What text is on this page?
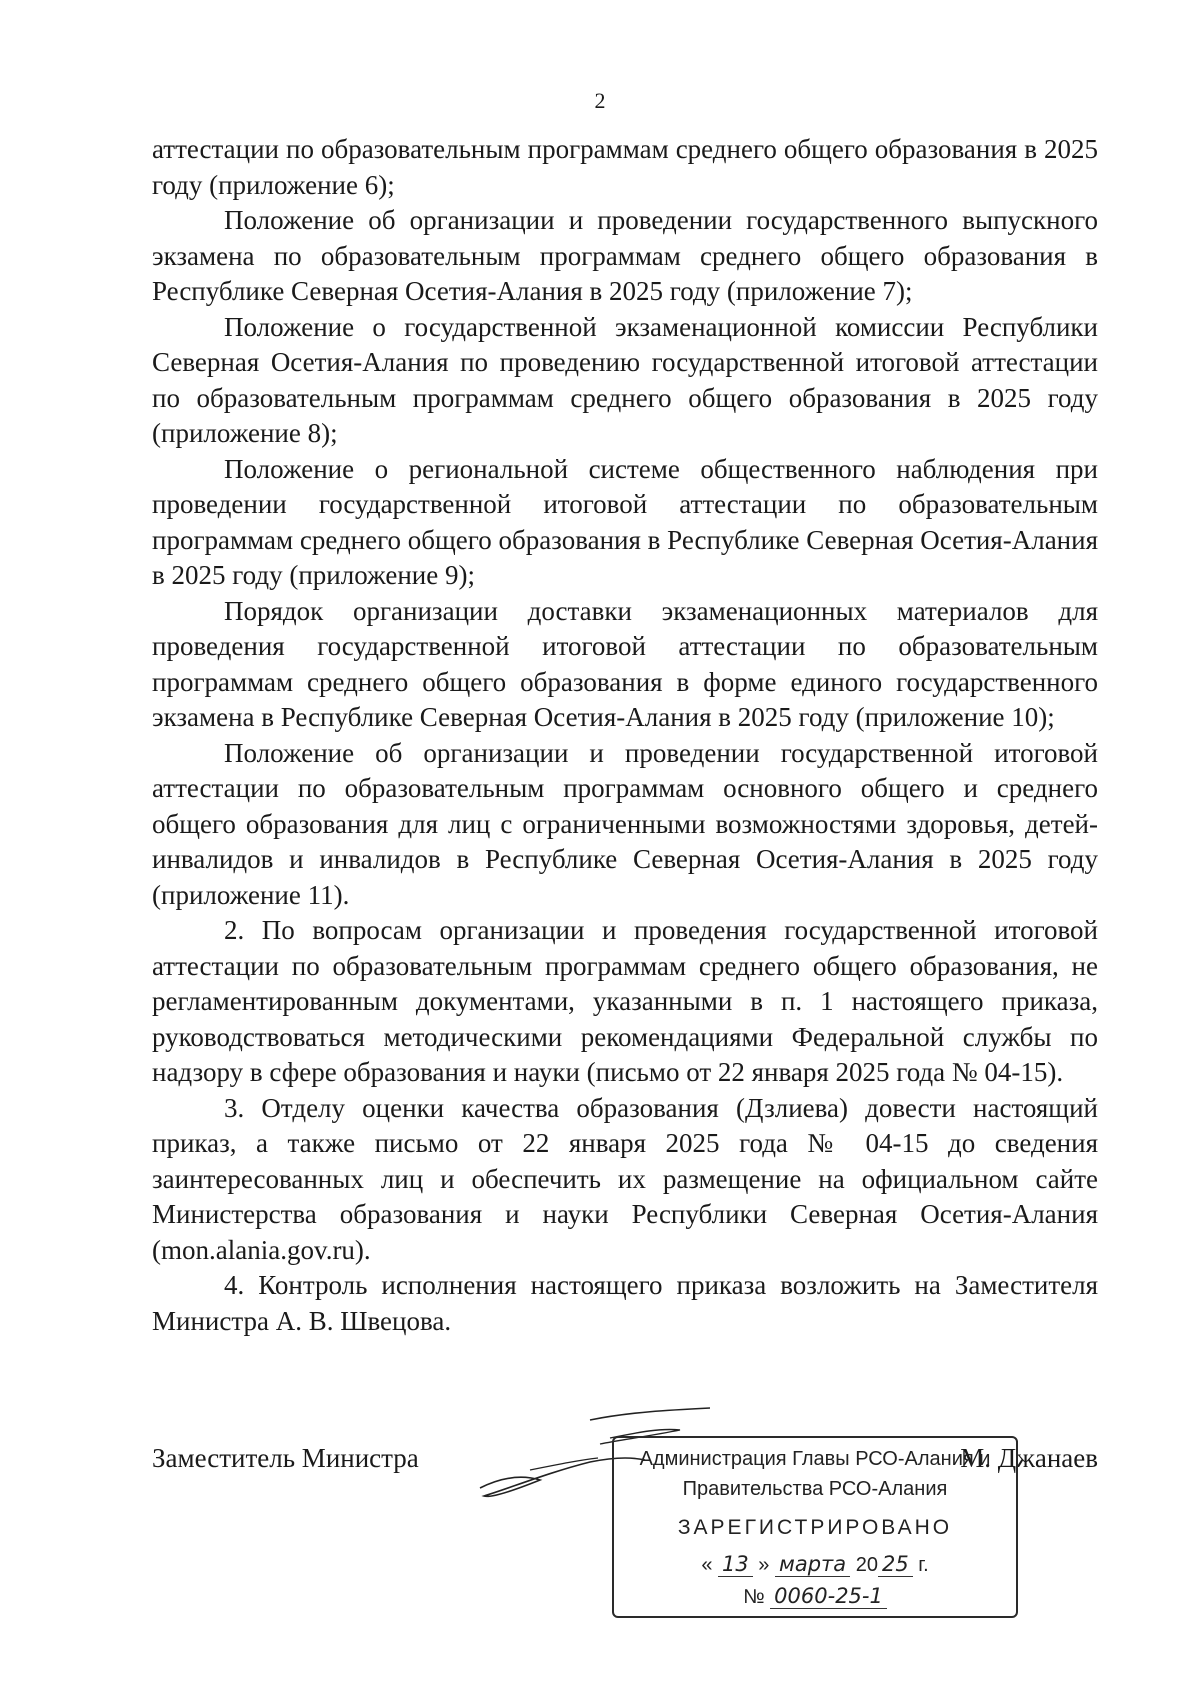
2

аттестации по образовательным программам среднего общего образования в 2025 году (приложение 6);

Положение об организации и проведении государственного выпускного экзамена по образовательным программам среднего общего образования в Республике Северная Осетия-Алания в 2025 году (приложение 7);

Положение о государственной экзаменационной комиссии Республики Северная Осетия-Алания по проведению государственной итоговой аттестации по образовательным программам среднего общего образования в 2025 году (приложение 8);

Положение о региональной системе общественного наблюдения при проведении государственной итоговой аттестации по образовательным программам среднего общего образования в Республике Северная Осетия-Алания в 2025 году (приложение 9);

Порядок организации доставки экзаменационных материалов для проведения государственной итоговой аттестации по образовательным программам среднего общего образования в форме единого государственного экзамена в Республике Северная Осетия-Алания в 2025 году (приложение 10);

Положение об организации и проведении государственной итоговой аттестации по образовательным программам основного общего и среднего общего образования для лиц с ограниченными возможностями здоровья, детей-инвалидов и инвалидов в Республике Северная Осетия-Алания в 2025 году (приложение 11).

2. По вопросам организации и проведения государственной итоговой аттестации по образовательным программам среднего общего образования, не регламентированным документами, указанными в п. 1 настоящего приказа, руководствоваться методическими рекомендациями Федеральной службы по надзору в сфере образования и науки (письмо от 22 января 2025 года № 04-15).

3. Отделу оценки качества образования (Дзлиева) довести настоящий приказ, а также письмо от 22 января 2025 года № 04-15 до сведения заинтересованных лиц и обеспечить их размещение на официальном сайте Министерства образования и науки Республики Северная Осетия-Алания (mon.alania.gov.ru).

4. Контроль исполнения настоящего приказа возложить на Заместителя Министра А. В. Швецова.

Заместитель Министра	М. Джанаев
Администрация Главы РСО-Алания и
Правительства РСО-Алания
ЗАРЕГИСТРИРОВАНО
« 13 » марта 20 25 г.
№ 0060-25-1
